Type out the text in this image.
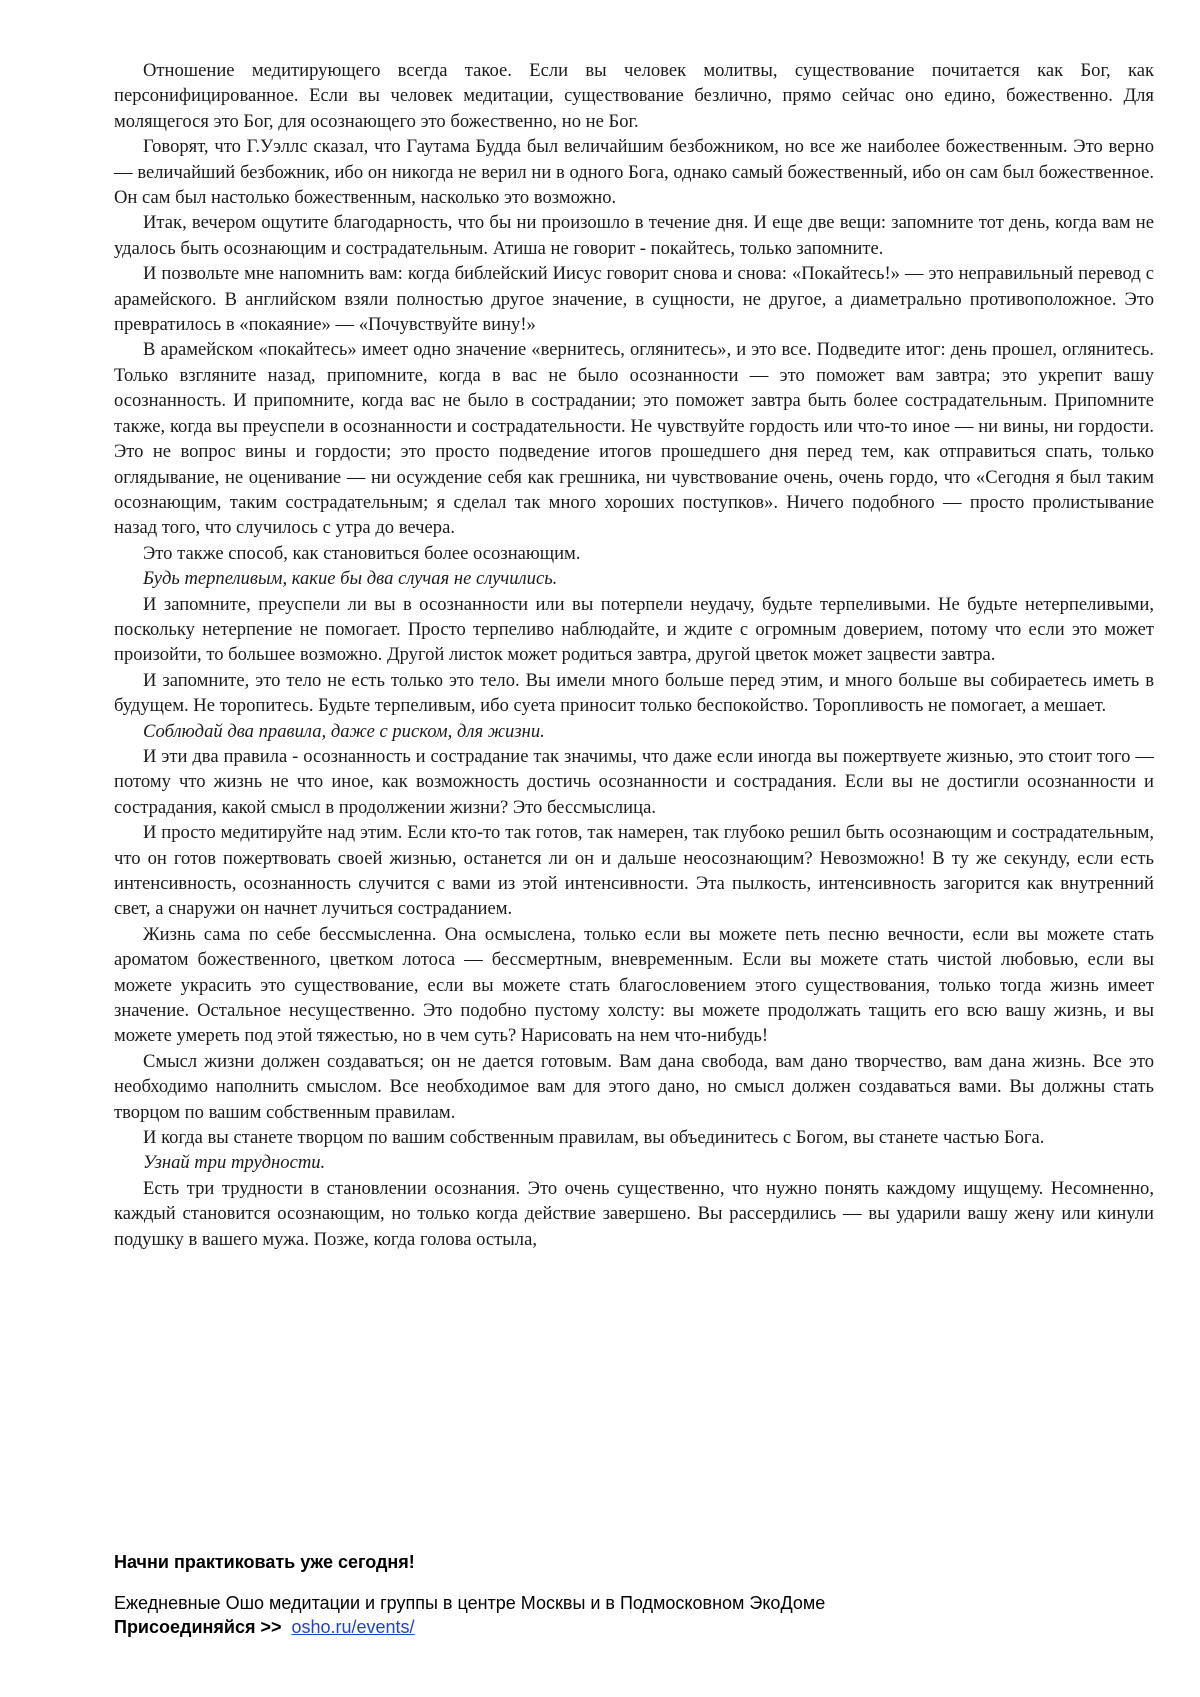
Отношение медитирующего всегда такое. Если вы человек молитвы, существование почитается как Бог, как персонифицированное. Если вы человек медитации, существование безлично, прямо сейчас оно едино, божественно. Для молящегося это Бог, для осознающего это божественно, но не Бог.

Говорят, что Г.Уэллс сказал, что Гаутама Будда был величайшим безбожником, но все же наиболее божественным. Это верно — величайший безбожник, ибо он никогда не верил ни в одного Бога, однако самый божественный, ибо он сам был божественное. Он сам был настолько божественным, насколько это возможно.

Итак, вечером ощутите благодарность, что бы ни произошло в течение дня. И еще две вещи: запомните тот день, когда вам не удалось быть осознающим и сострадательным. Атиша не говорит - покайтесь, только запомните.

И позвольте мне напомнить вам: когда библейский Иисус говорит снова и снова: «Покайтесь!» — это неправильный перевод с арамейского. В английском взяли полностью другое значение, в сущности, не другое, а диаметрально противоположное. Это превратилось в «покаяние» — «Почувствуйте вину!»

В арамейском «покайтесь» имеет одно значение «вернитесь, оглянитесь», и это все. Подведите итог: день прошел, оглянитесь. Только взгляните назад, припомните, когда в вас не было осознанности — это поможет вам завтра; это укрепит вашу осознанность. И припомните, когда вас не было в сострадании; это поможет завтра быть более сострадательным. Припомните также, когда вы преуспели в осознанности и сострадательности. Не чувствуйте гордость или что-то иное — ни вины, ни гордости. Это не вопрос вины и гордости; это просто подведение итогов прошедшего дня перед тем, как отправиться спать, только оглядывание, не оценивание — ни осуждение себя как грешника, ни чувствование очень, очень гордо, что «Сегодня я был таким осознающим, таким сострадательным; я сделал так много хороших поступков». Ничего подобного — просто пролистывание назад того, что случилось с утра до вечера.

Это также способ, как становиться более осознающим.

Будь терпеливым, какие бы два случая не случились.

И запомните, преуспели ли вы в осознанности или вы потерпели неудачу, будьте терпеливыми. Не будьте нетерпеливыми, поскольку нетерпение не помогает. Просто терпеливо наблюдайте, и ждите с огромным доверием, потому что если это может произойти, то большее возможно. Другой листок может родиться завтра, другой цветок может зацвести завтра.

И запомните, это тело не есть только это тело. Вы имели много больше перед этим, и много больше вы собираетесь иметь в будущем. Не торопитесь. Будьте терпеливым, ибо суета приносит только беспокойство. Торопливость не помогает, а мешает.

Соблюдай два правила, даже с риском, для жизни.

И эти два правила - осознанность и сострадание так значимы, что даже если иногда вы пожертвуете жизнью, это стоит того — потому что жизнь не что иное, как возможность достичь осознанности и сострадания. Если вы не достигли осознанности и сострадания, какой смысл в продолжении жизни? Это бессмыслица.

И просто медитируйте над этим. Если кто-то так готов, так намерен, так глубоко решил быть осознающим и сострадательным, что он готов пожертвовать своей жизнью, останется ли он и дальше неосознающим? Невозможно! В ту же секунду, если есть интенсивность, осознанность случится с вами из этой интенсивности. Эта пылкость, интенсивность загорится как внутренний свет, а снаружи он начнет лучиться состраданием.

Жизнь сама по себе бессмысленна. Она осмыслена, только если вы можете петь песню вечности, если вы можете стать ароматом божественного, цветком лотоса — бессмертным, вневременным. Если вы можете стать чистой любовью, если вы можете украсить это существование, если вы можете стать благословением этого существования, только тогда жизнь имеет значение. Остальное несущественно. Это подобно пустому холсту: вы можете продолжать тащить его всю вашу жизнь, и вы можете умереть под этой тяжестью, но в чем суть? Нарисовать на нем что-нибудь!

Смысл жизни должен создаваться; он не дается готовым. Вам дана свобода, вам дано творчество, вам дана жизнь. Все это необходимо наполнить смыслом. Все необходимое вам для этого дано, но смысл должен создаваться вами. Вы должны стать творцом по вашим собственным правилам.

И когда вы станете творцом по вашим собственным правилам, вы объединитесь с Богом, вы станете частью Бога.

Узнай три трудности.

Есть три трудности в становлении осознания. Это очень существенно, что нужно понять каждому ищущему. Несомненно, каждый становится осознающим, но только когда действие завершено. Вы рассердились — вы ударили вашу жену или кинули подушку в вашего мужа. Позже, когда голова остыла,

Начни практиковать уже сегодня!

Ежедневные Ошо медитации и группы в центре Москвы и в Подмосковном ЭкоДоме

Присоединяйся >> osho.ru/events/
